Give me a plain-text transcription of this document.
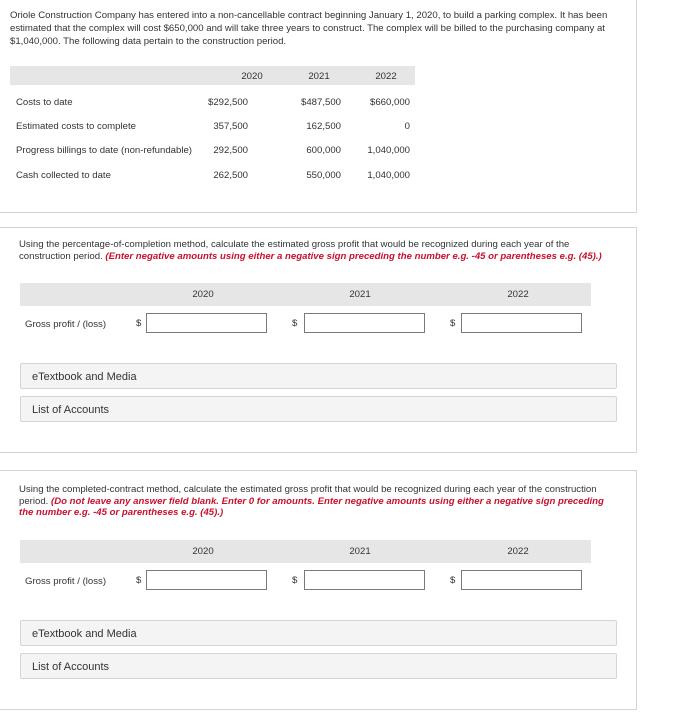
Oriole Construction Company has entered into a non-cancellable contract beginning January 1, 2020, to build a parking complex. It has been estimated that the complex will cost $650,000 and will take three years to construct. The complex will be billed to the purchasing company at $1,040,000. The following data pertain to the construction period.
2020	2021	2022
Costs to date	$292,500	$487,500	$660,000
Estimated costs to complete	357,500	162,500	0
Progress billings to date (non-refundable)	292,500	600,000	1,040,000
Cash collected to date	262,500	550,000	1,040,000
Using the percentage-of-completion method, calculate the estimated gross profit that would be recognized during each year of the construction period. (Enter negative amounts using either a negative sign preceding the number e.g. -45 or parentheses e.g. (45).)
2020	2021	2022
Gross profit / (loss)	$	$	$
eTextbook and Media
List of Accounts
Using the completed-contract method, calculate the estimated gross profit that would be recognized during each year of the construction period. (Do not leave any answer field blank. Enter 0 for amounts. Enter negative amounts using either a negative sign preceding the number e.g. -45 or parentheses e.g. (45).)
2020	2021	2022
Gross profit / (loss)	$	$	$
eTextbook and Media
List of Accounts
